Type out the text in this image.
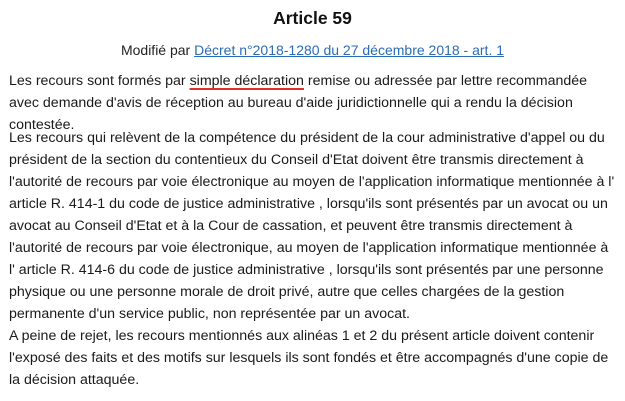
Article 59
Modifié par Décret n°2018-1280 du 27 décembre 2018 - art. 1

Les recours sont formés par simple déclaration remise ou adressée par lettre recommandée avec demande d'avis de réception au bureau d'aide juridictionnelle qui a rendu la décision contestée.

Les recours qui relèvent de la compétence du président de la cour administrative d'appel ou du président de la section du contentieux du Conseil d'Etat doivent être transmis directement à l'autorité de recours par voie électronique au moyen de l'application informatique mentionnée à l' article R. 414-1 du code de justice administrative , lorsqu'ils sont présentés par un avocat ou un avocat au Conseil d'Etat et à la Cour de cassation, et peuvent être transmis directement à l'autorité de recours par voie électronique, au moyen de l'application informatique mentionnée à l' article R. 414-6 du code de justice administrative , lorsqu'ils sont présentés par une personne physique ou une personne morale de droit privé, autre que celles chargées de la gestion permanente d'un service public, non représentée par un avocat.

A peine de rejet, les recours mentionnés aux alinéas 1 et 2 du présent article doivent contenir l'exposé des faits et des motifs sur lesquels ils sont fondés et être accompagnés d'une copie de la décision attaquée.
